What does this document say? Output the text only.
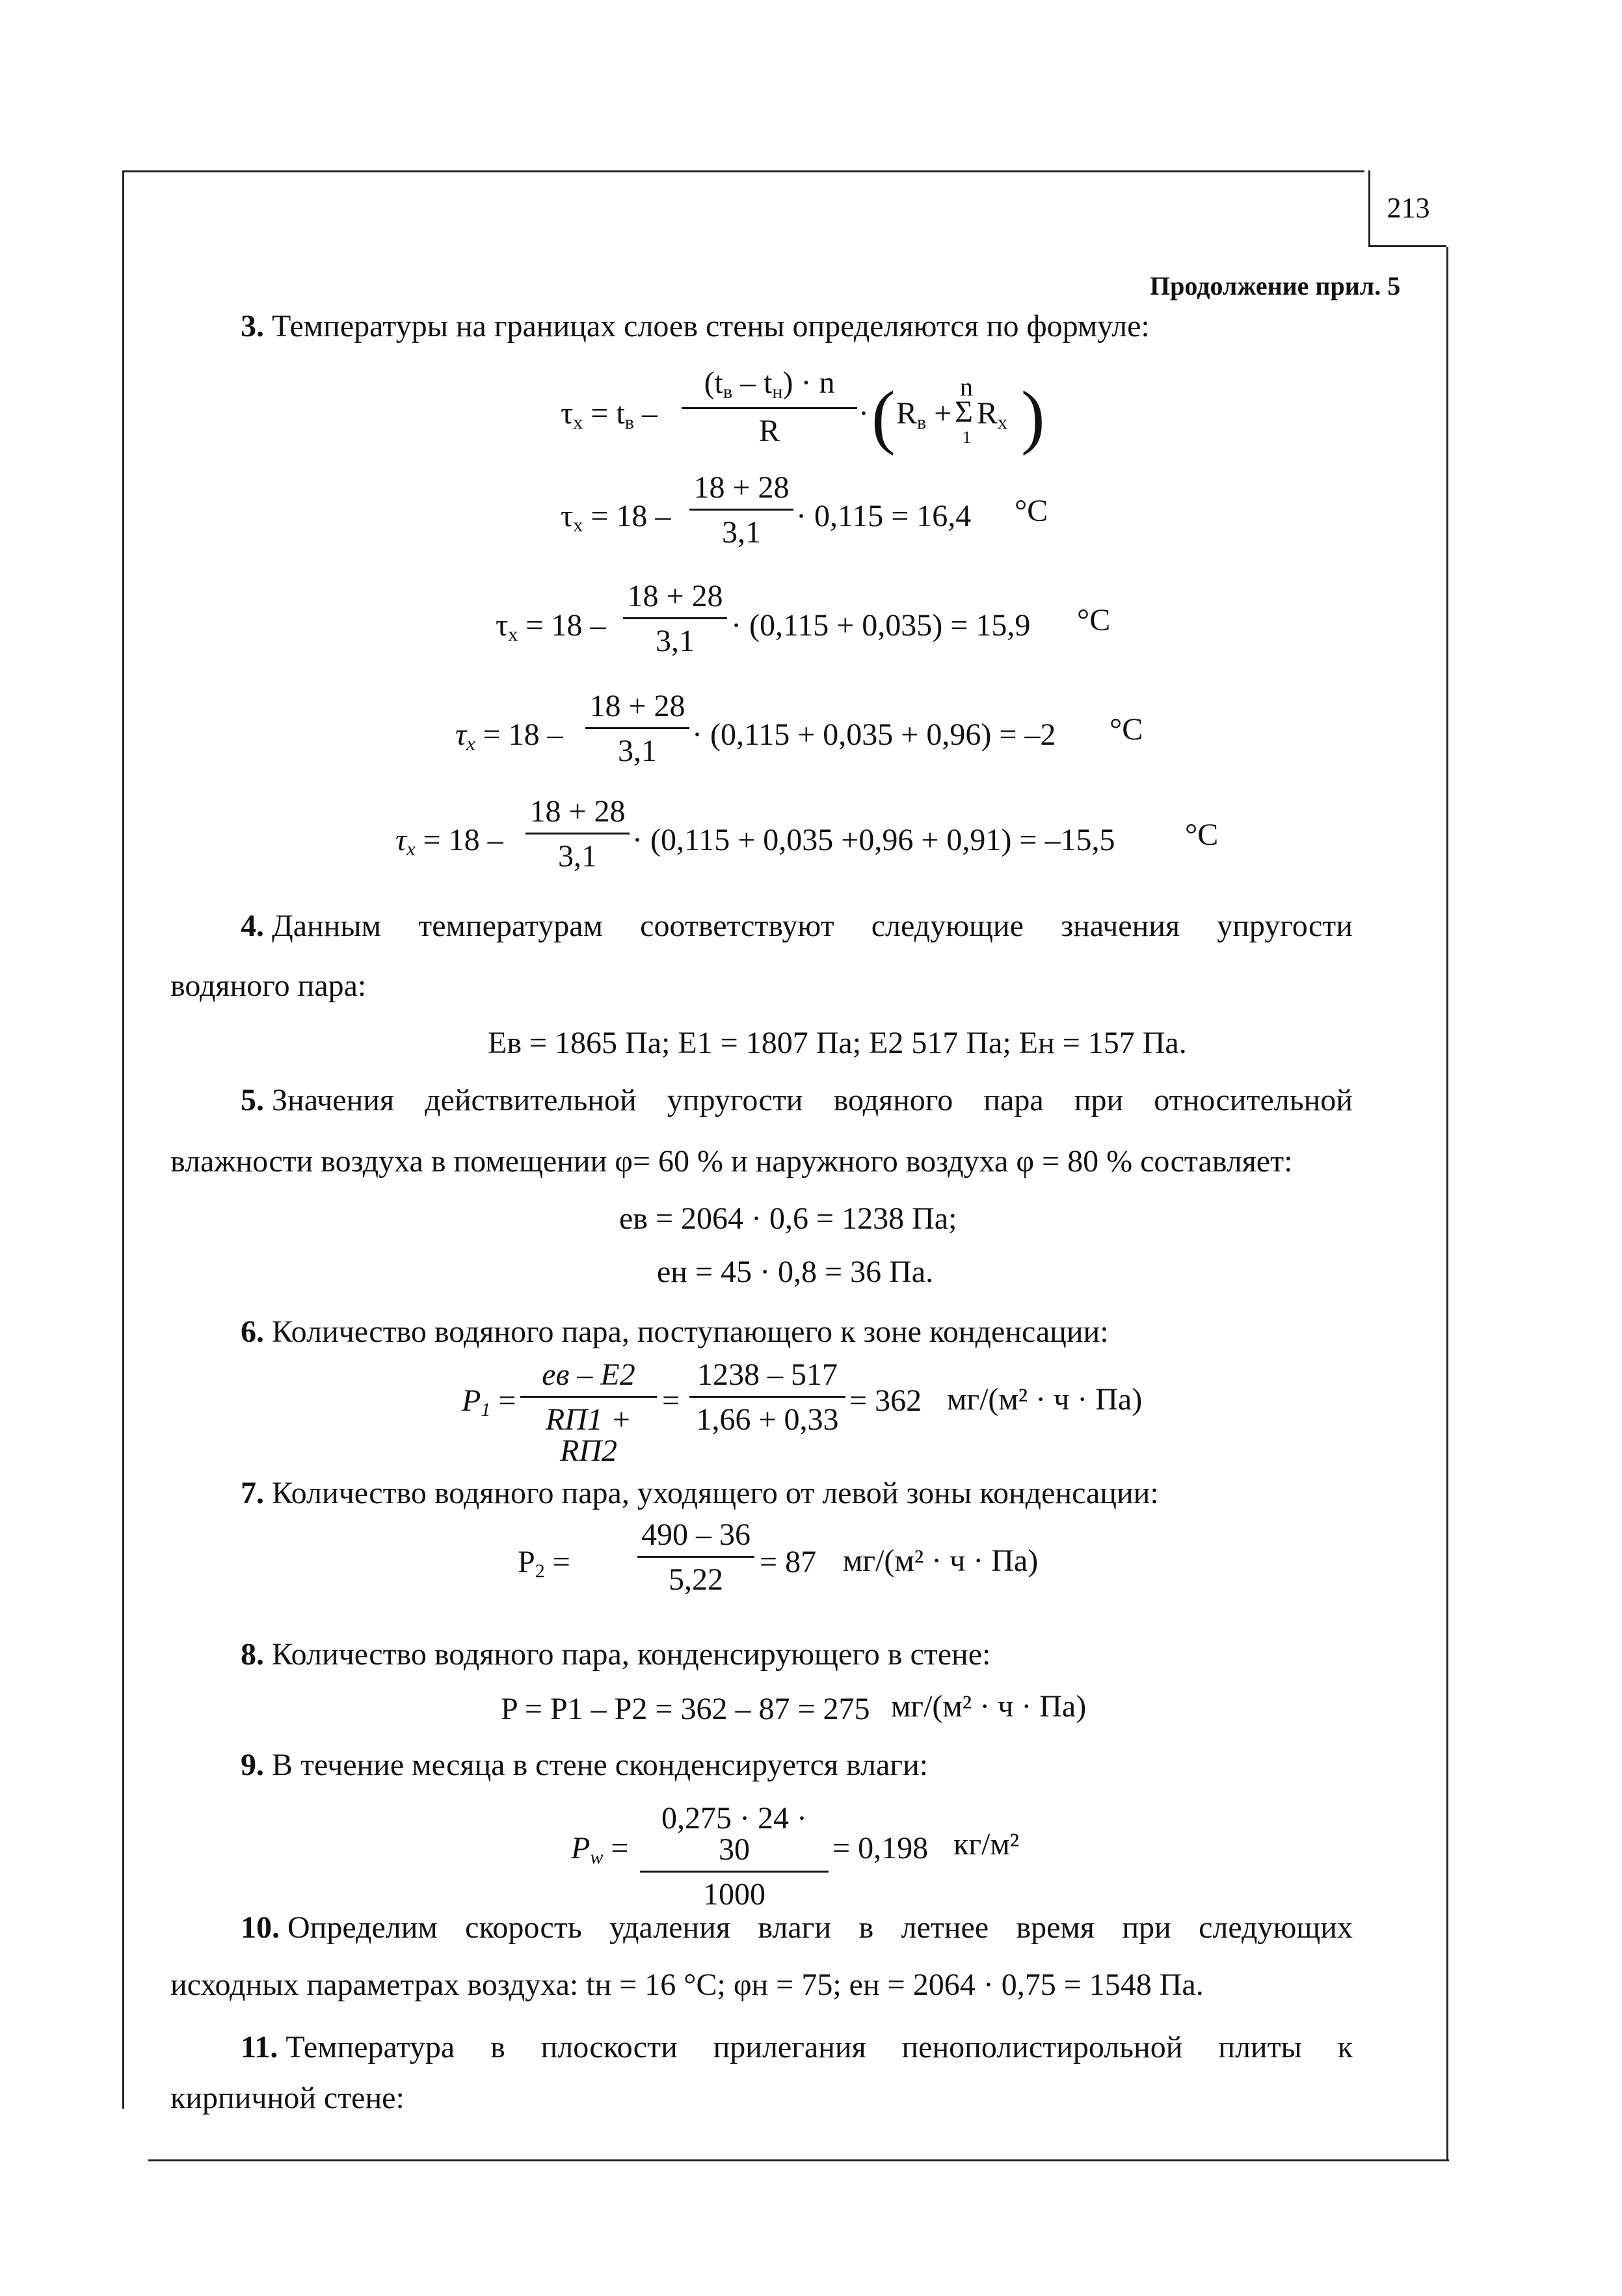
213
Продолжение прил. 5
3. Температуры на границах слоев стены определяются по формуле:
$\tau_х = t_в$ –
$(t_в - t_н) \cdot n$
R
· ( $R_в$ +
n
Σ
1
$R_x$ )
$\tau_х = 18 - \frac{18 + 28}{3,1} \cdot 0,115 = 16,4$ °C
$\tau_х = 18 - \frac{18 + 28}{3,1} \cdot (0,115 + 0,035) = 15,9$ °C
$\tau_x = 18 - \frac{18 + 28}{3,1} \cdot (0,115 + 0,035 + 0,96) = -2$ °C
$\tau_x = 18 - \frac{18 + 28}{3,1} \cdot (0,115 + 0,035 +0,96 + 0,91) = -15,5$ °C
4. Данным температурам соответствуют следующие значения упругости
водяного пара:
Ев = 1865 Па; Е1 = 1807 Па; Е2 517 Па; Ен = 157 Па.
5. Значения действительной упругости водяного пара при относительной
влажности воздуха в помещении φ= 60 % и наружного воздуха φ = 80 % составляет:
ев = 2064 · 0,6 = 1238 Па;
ен = 45 · 0,8 = 36 Па.
6. Количество водяного пара, поступающего к зоне конденсации:
$P_1$ =
eв – E2
RП1 + RП2
= $\frac{1238 - 517}{1,66 + 0,33} = 362$ мг/(м² · ч · Па)
7. Количество водяного пара, уходящего от левой зоны конденсации:
$P_2 = \frac{490 - 36}{5,22} = 87$ мг/(м² · ч · Па)
8. Количество водяного пара, конденсирующего в стене:
P = P1 – P2 = 362 – 87 = 275 мг/(м² · ч · Па)
9. В течение месяца в стене сконденсируется влаги:
$P_w = \frac{0,275 \cdot 24 \cdot 30}{1000} = 0,198$ кг/м²
10. Определим скорость удаления влаги в летнее время при следующих
исходных параметрах воздуха: tн = 16 °С; φн = 75; ен = 2064 · 0,75 = 1548 Па.
11. Температура в плоскости прилегания пенополистирольной плиты к
кирпичной стене:
